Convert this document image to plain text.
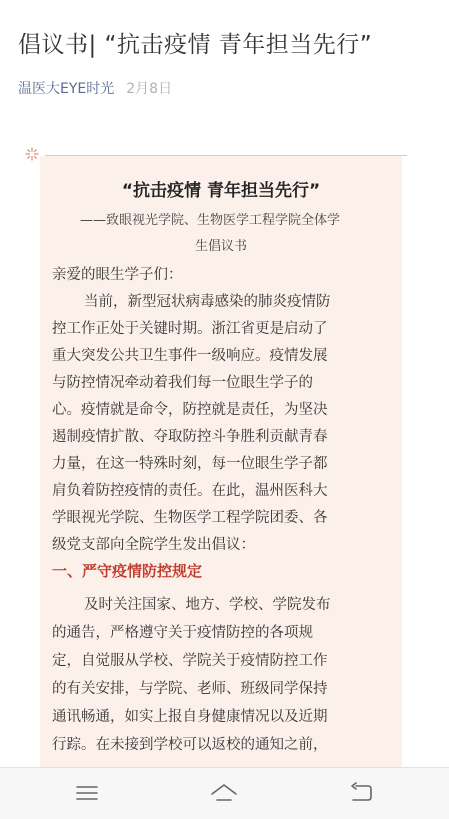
倡议书| “抗击疫情 青年担当先行”
温医大EYE时光 2月8日
“抗击疫情 青年担当先行”
——致眼视光学院、生物医学工程学院全体学
生倡议书
亲爱的眼生学子们：
当前，新型冠状病毒感染的肺炎疫情防
控工作正处于关键时期。浙江省更是启动了
重大突发公共卫生事件一级响应。疫情发展
与防控情况牵动着我们每一位眼生学子的
心。疫情就是命令，防控就是责任，为坚决
遏制疫情扩散、夺取防控斗争胜利贡献青春
力量，在这一特殊时刻，每一位眼生学子都
肩负着防控疫情的责任。在此，温州医科大
学眼视光学院、生物医学工程学院团委、各
级党支部向全院学生发出倡议：
一、严守疫情防控规定
及时关注国家、地方、学校、学院发布
的通告，严格遵守关于疫情防控的各项规
定，自觉服从学校、学院关于疫情防控工作
的有关安排，与学院、老师、班级同学保持
通讯畅通，如实上报自身健康情况以及近期
行踪。在未接到学校可以返校的通知之前，
